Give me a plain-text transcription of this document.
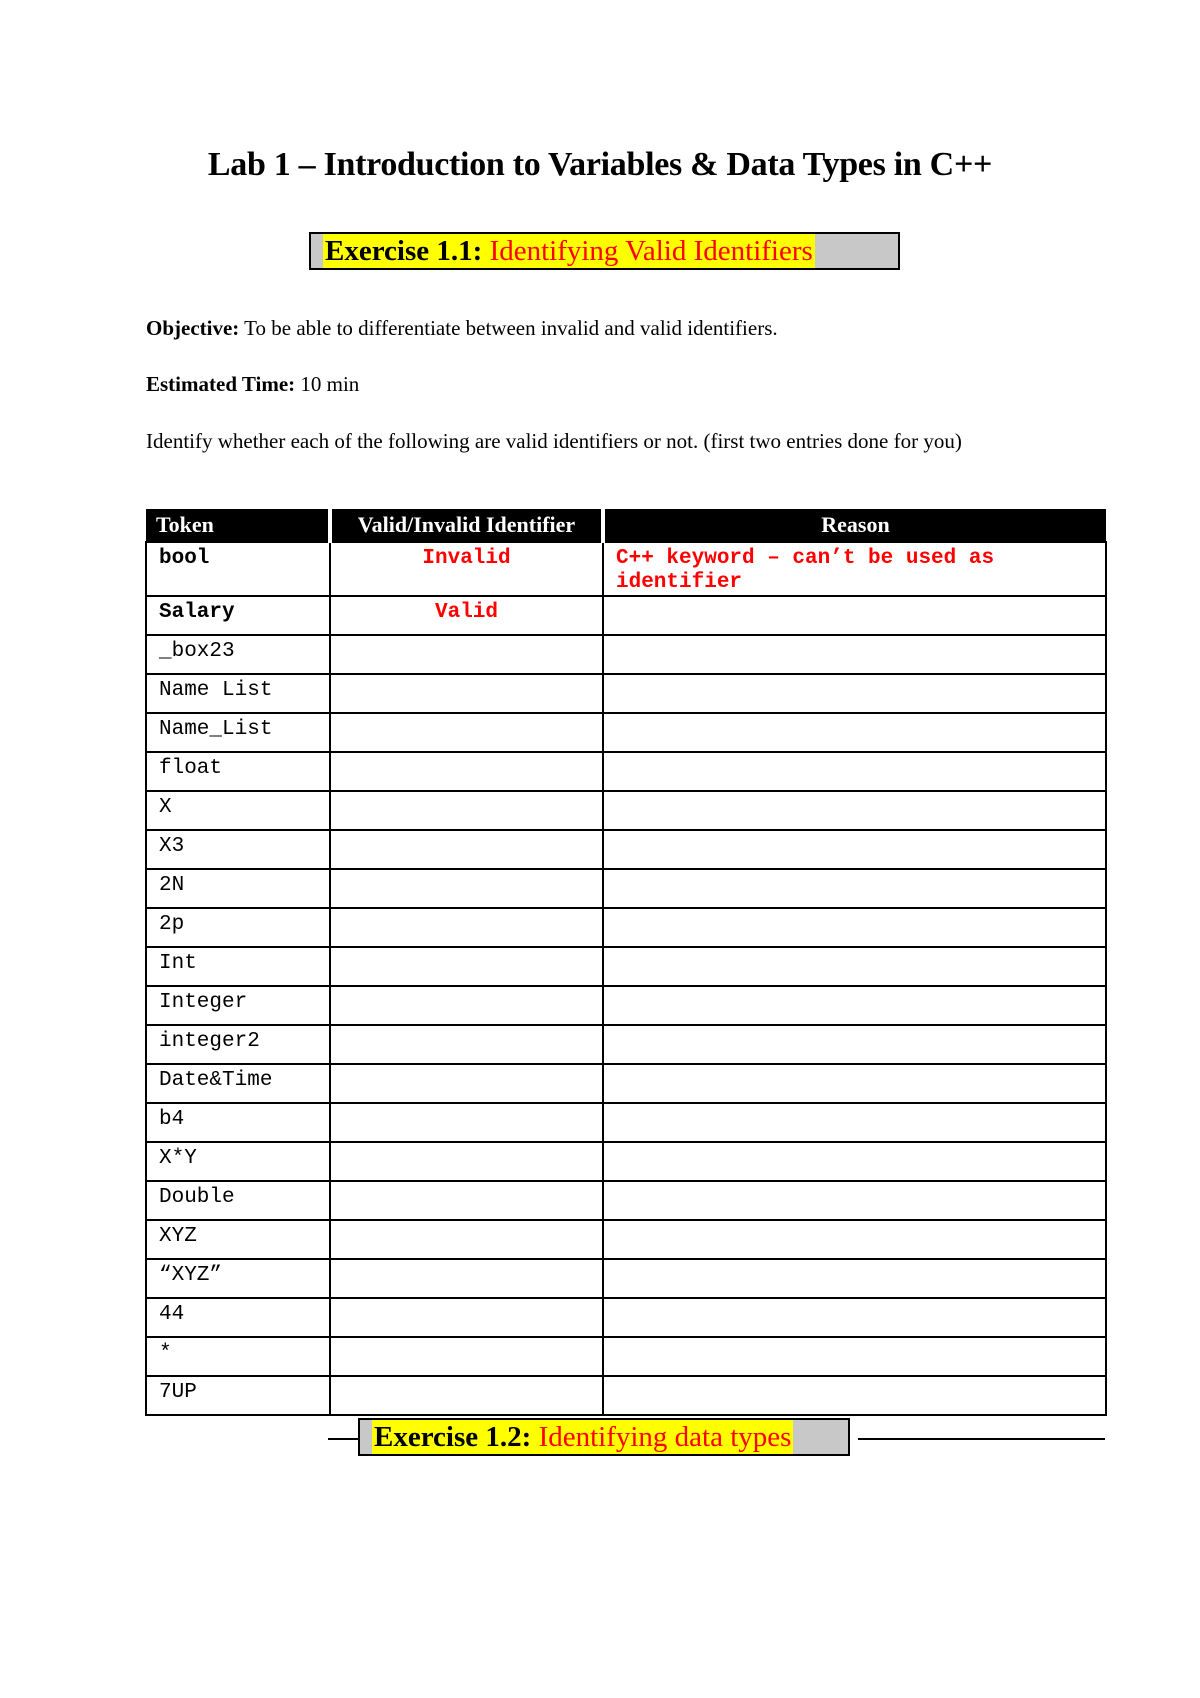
Lab 1 – Introduction to Variables & Data Types in C++
Exercise 1.1: Identifying Valid Identifiers
Objective: To be able to differentiate between invalid and valid identifiers.
Estimated Time: 10 min
Identify whether each of the following are valid identifiers or not. (first two entries done for you)
Token	Valid/Invalid Identifier	Reason
bool	Invalid	C++ keyword – can’t be used as identifier
Salary	Valid	
_box23		
Name List		
Name_List		
float		
X		
X3		
2N		
2p		
Int		
Integer		
integer2		
Date&Time		
b4		
X*Y		
Double		
XYZ		
“XYZ”		
44		
*		
7UP		
Exercise 1.2: Identifying data types
